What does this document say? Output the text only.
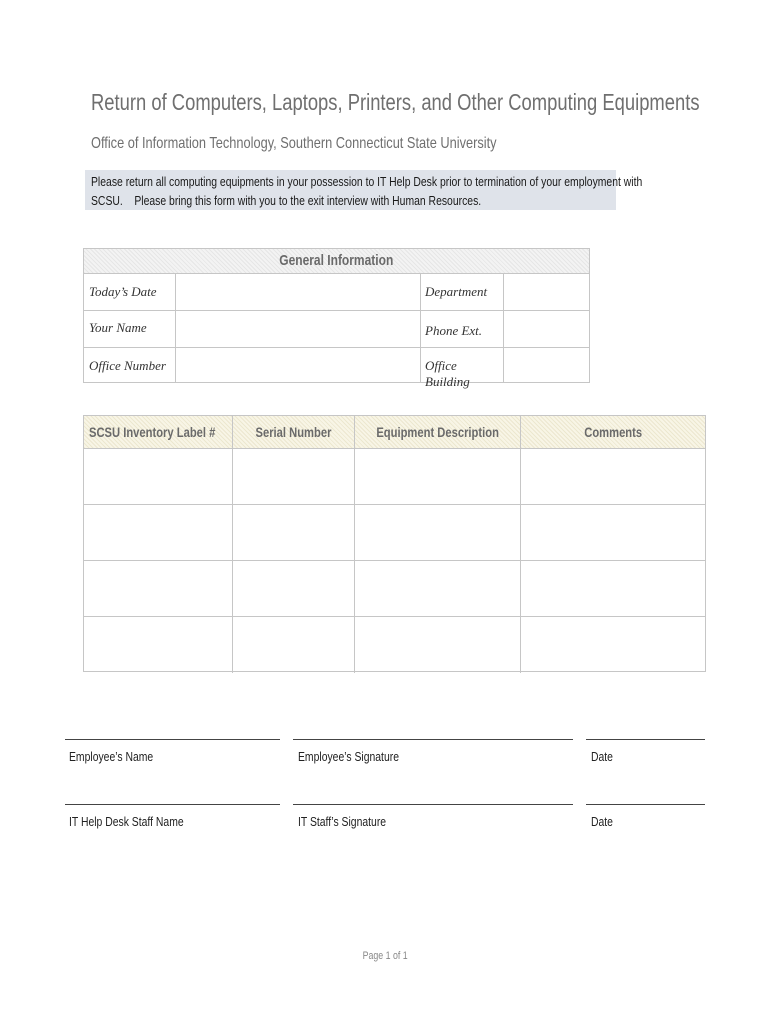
Return of Computers, Laptops, Printers, and Other Computing Equipments
Office of Information Technology, Southern Connecticut State University
Please return all computing equipments in your possession to IT Help Desk prior to termination of your employment with
SCSU.    Please bring this form with you to the exit interview with Human Resources.
General Information
Today’s Date	Department
Your Name	Phone Ext.
Office Number	Office Building
SCSU Inventory Label #	Serial Number	Equipment Description	Comments
Employee’s Name	Employee’s Signature	Date
IT Help Desk Staff Name	IT Staff’s Signature	Date
Page 1 of 1
